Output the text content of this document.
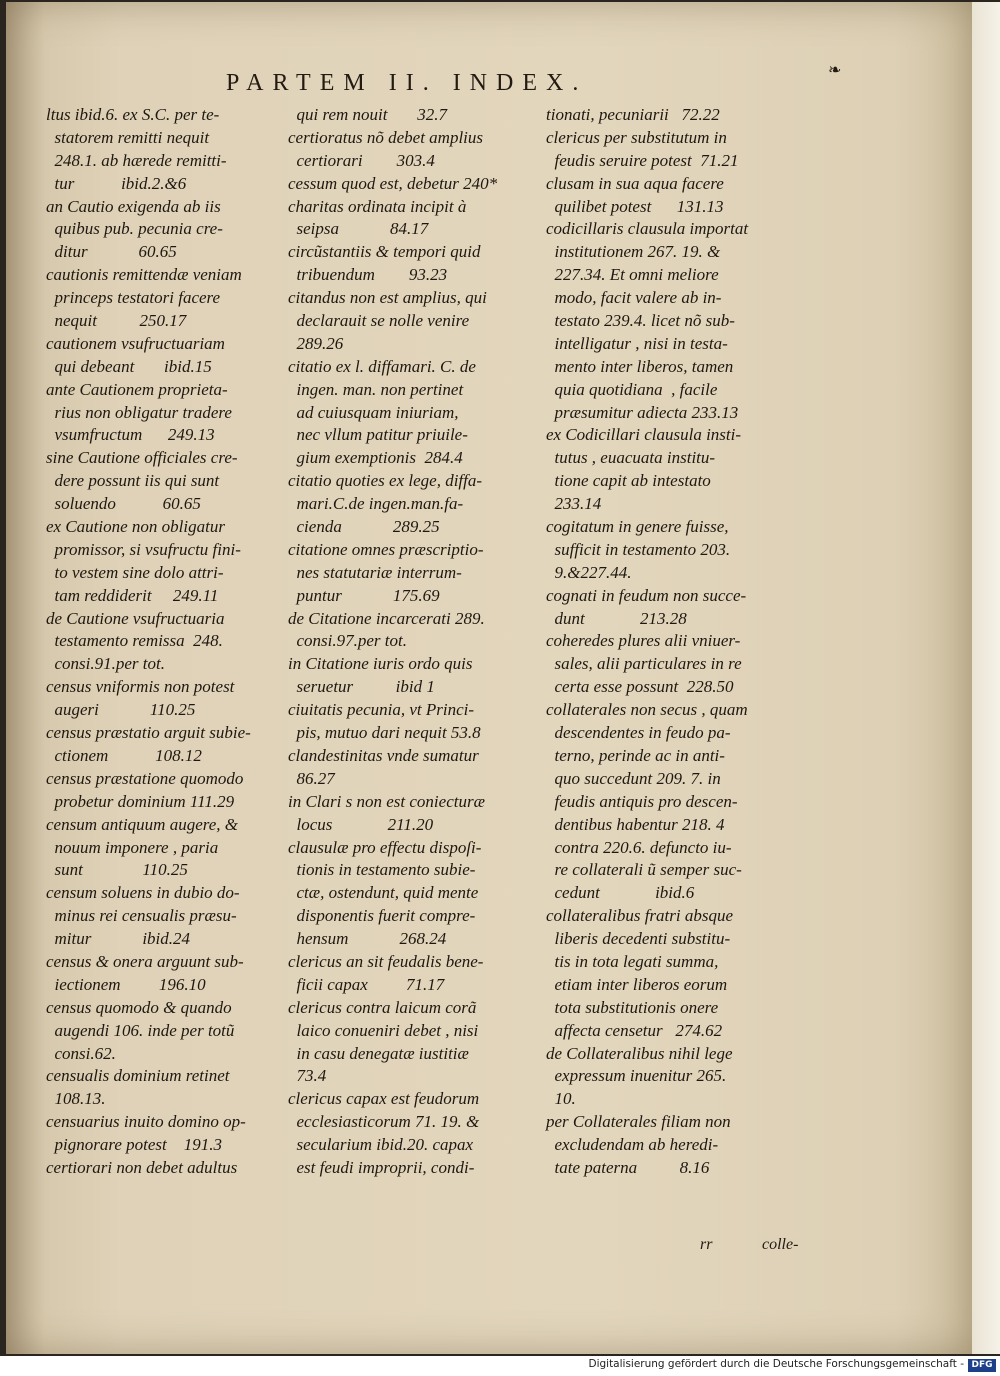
PARTEM II. INDEX.
❧
ltus ibid.6. ex S.C. per te-
statorem remitti nequit
248.1. ab hærede remitti-
tur           ibid.2.&6
an Cautio exigenda ab iis
quibus pub. pecunia cre-
ditur            60.65
cautionis remittendæ veniam
princeps testatori facere
nequit          250.17
cautionem vsufructuariam
qui debeant       ibid.15
ante Cautionem proprieta-
rius non obligatur tradere
vsumfructum      249.13
sine Cautione officiales cre-
dere possunt iis qui sunt
soluendo           60.65
ex Cautione non obligatur
promissor, si vsufructu fini-
to vestem sine dolo attri-
tam reddiderit     249.11
de Cautione vsufructuaria
testamento remissa  248.
consi.91.per tot.
census vniformis non potest
augeri            110.25
census præstatio arguit subie-
ctionem           108.12
census præstatione quomodo
probetur dominium 111.29
censum antiquum augere, &
nouum imponere , paria
sunt              110.25
censum soluens in dubio do-
minus rei censualis præsu-
mitur            ibid.24
census & onera arguunt sub-
iectionem         196.10
census quomodo & quando
augendi 106. inde per totũ
consi.62.
censualis dominium retinet
108.13.
censuarius inuito domino op-
pignorare potest    191.3
certiorari non debet adultus
qui rem nouit       32.7
certioratus nõ debet amplius
certiorari        303.4
cessum quod est, debetur 240*
charitas ordinata incipit à
seipsa            84.17
circũstantiis & tempori quid
tribuendum        93.23
citandus non est amplius, qui
declarauit se nolle venire
289.26
citatio ex l. diffamari. C. de
ingen. man. non pertinet
ad cuiusquam iniuriam,
nec vllum patitur priuile-
gium exemptionis  284.4
citatio quoties ex lege, diffa-
mari.C.de ingen.man.fa-
cienda            289.25
citatione omnes præscriptio-
nes statutariæ interrum-
puntur            175.69
de Citatione incarcerati 289.
consi.97.per tot.
in Citatione iuris ordo quis
seruetur          ibid 1
ciuitatis pecunia, vt Princi-
pis, mutuo dari nequit 53.8
clandestinitas vnde sumatur
86.27
in Clari s non est coniecturæ
locus             211.20
clausulæ pro effectu dispoſi-
tionis in testamento subie-
ctæ, ostendunt, quid mente
disponentis fuerit compre-
hensum            268.24
clericus an sit feudalis bene-
ficii capax         71.17
clericus contra laicum corã
laico conueniri debet , nisi
in casu denegatæ iustitiæ
73.4
clericus capax est feudorum
ecclesiasticorum 71. 19. &
secularium ibid.20. capax
est feudi improprii, condi-
tionati, pecuniarii   72.22
clericus per substitutum in
feudis seruire potest  71.21
clusam in sua aqua facere
quilibet potest      131.13
codicillaris clausula importat
institutionem 267. 19. &
227.34. Et omni meliore
modo, facit valere ab in-
testato 239.4. licet nõ sub-
intelligatur , nisi in testa-
mento inter liberos, tamen
quia quotidiana  , facile
præsumitur adiecta 233.13
ex Codicillari clausula insti-
tutus , euacuata institu-
tione capit ab intestato
233.14
cogitatum in genere fuisse,
sufficit in testamento 203.
9.&227.44.
cognati in feudum non succe-
dunt             213.28
coheredes plures alii vniuer-
sales, alii particulares in re
certa esse possunt  228.50
collaterales non secus , quam
descendentes in feudo pa-
terno, perinde ac in anti-
quo succedunt 209. 7. in
feudis antiquis pro descen-
dentibus habentur 218. 4
contra 220.6. defuncto iu-
re collaterali ũ semper suc-
cedunt             ibid.6
collateralibus fratri absque
liberis decedenti substitu-
tis in tota legati summa,
etiam inter liberos eorum
tota substitutionis onere
affecta censetur   274.62
de Collateralibus nihil lege
expressum inuenitur 265.
10.
per Collaterales filiam non
excludendam ab heredi-
tate paterna          8.16
rr	colle-
Digitalisierung gefördert durch die Deutsche Forschungsgemeinschaft - DFG
